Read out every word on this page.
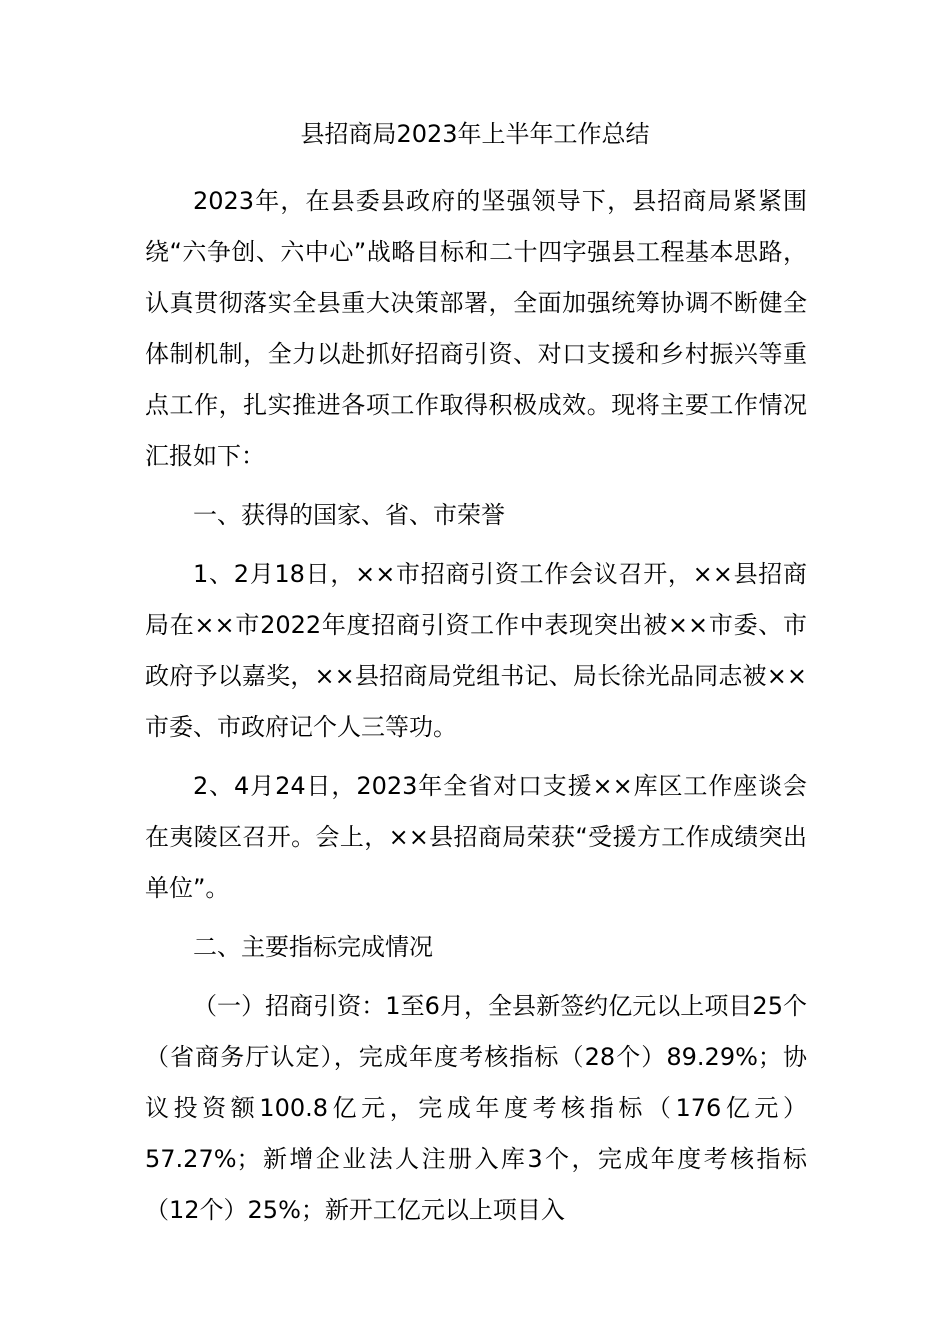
县招商局2023年上半年工作总结

2023年，在县委县政府的坚强领导下，县招商局紧紧围绕“六争创、六中心”战略目标和二十四字强县工程基本思路，认真贯彻落实全县重大决策部署，全面加强统筹协调不断健全体制机制，全力以赴抓好招商引资、对口支援和乡村振兴等重点工作，扎实推进各项工作取得积极成效。现将主要工作情况汇报如下：

一、获得的国家、省、市荣誉

1、2月18日，××市招商引资工作会议召开，××县招商局在××市2022年度招商引资工作中表现突出被××市委、市政府予以嘉奖，××县招商局党组书记、局长徐光品同志被××市委、市政府记个人三等功。

2、4月24日，2023年全省对口支援××库区工作座谈会在夷陵区召开。会上，××县招商局荣获“受援方工作成绩突出单位”。

二、主要指标完成情况

（一）招商引资：1至6月，全县新签约亿元以上项目25个（省商务厅认定），完成年度考核指标（28个）89.29%；协议投资额100.8亿元，完成年度考核指标（176亿元）57.27%；新增企业法人注册入库3个，完成年度考核指标（12个）25%；新开工亿元以上项目入
